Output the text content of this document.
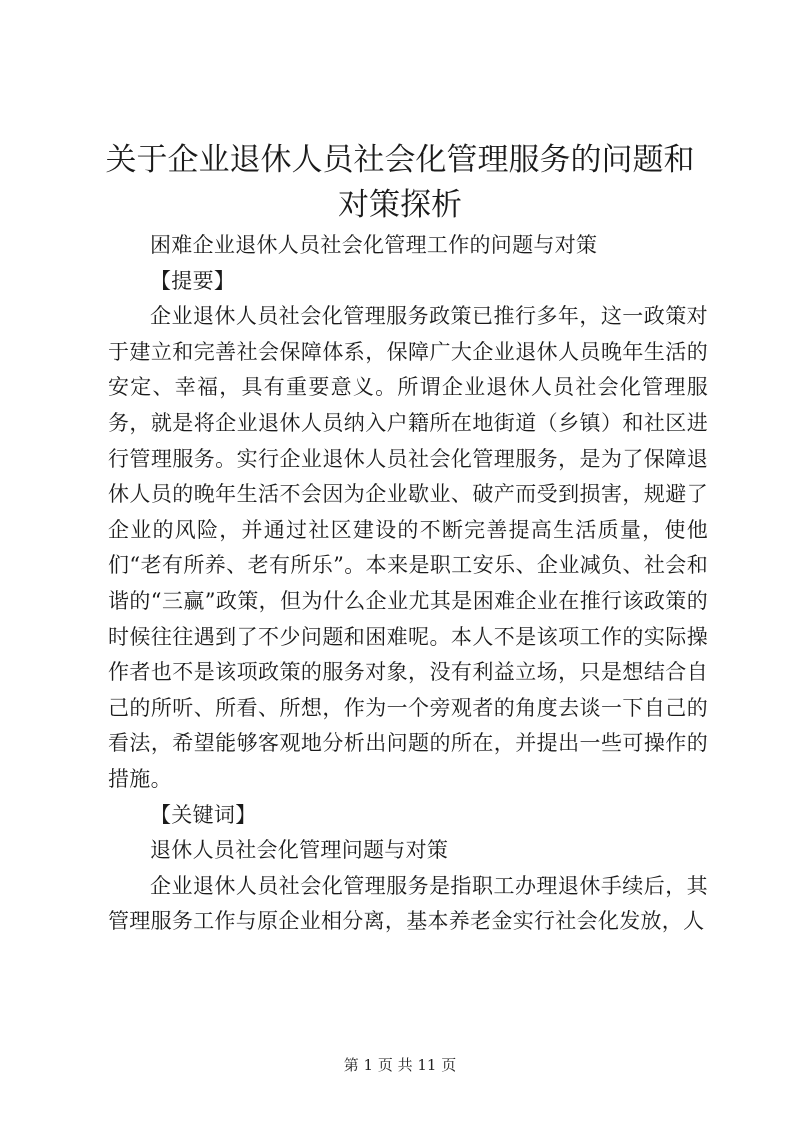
关于企业退休人员社会化管理服务的问题和对策探析

困难企业退休人员社会化管理工作的问题与对策

【提要】

企业退休人员社会化管理服务政策已推行多年，这一政策对于建立和完善社会保障体系，保障广大企业退休人员晚年生活的安定、幸福，具有重要意义。所谓企业退休人员社会化管理服务，就是将企业退休人员纳入户籍所在地街道（乡镇）和社区进行管理服务。实行企业退休人员社会化管理服务，是为了保障退休人员的晚年生活不会因为企业歇业、破产而受到损害，规避了企业的风险，并通过社区建设的不断完善提高生活质量，使他们“老有所养、老有所乐”。本来是职工安乐、企业减负、社会和谐的“三赢”政策，但为什么企业尤其是困难企业在推行该政策的时候往往遇到了不少问题和困难呢。本人不是该项工作的实际操作者也不是该项政策的服务对象，没有利益立场，只是想结合自己的所听、所看、所想，作为一个旁观者的角度去谈一下自己的看法，希望能够客观地分析出问题的所在，并提出一些可操作的措施。

【关键词】

退休人员社会化管理问题与对策

企业退休人员社会化管理服务是指职工办理退休手续后，其管理服务工作与原企业相分离，基本养老金实行社会化发放，人

第 1 页 共 11 页
